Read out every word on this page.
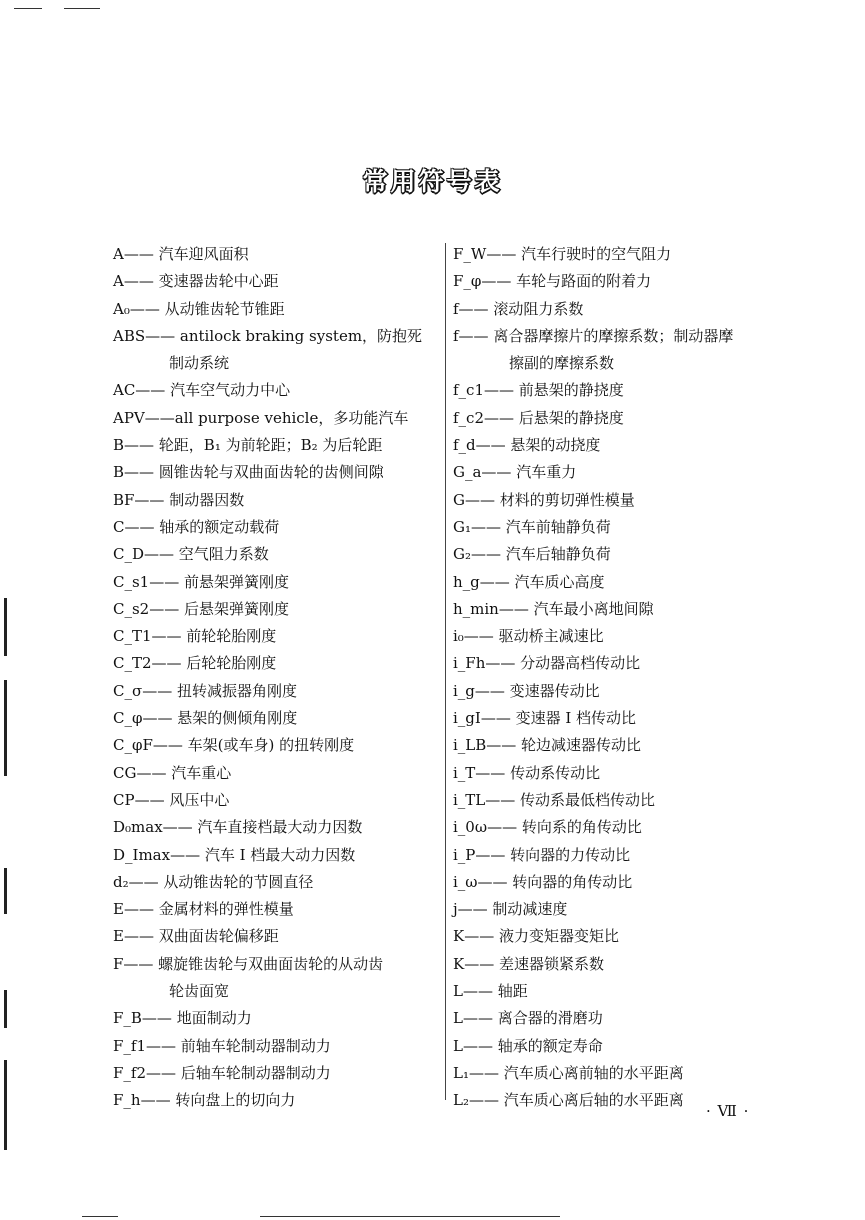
常用符号表
A—— 汽车迎风面积
A—— 变速器齿轮中心距
A₀—— 从动锥齿轮节锥距
ABS—— antilock braking system，防抱死
制动系统
AC—— 汽车空气动力中心
APV——all purpose vehicle，多功能汽车
B—— 轮距，B₁ 为前轮距；B₂ 为后轮距
B—— 圆锥齿轮与双曲面齿轮的齿侧间隙
BF—— 制动器因数
C—— 轴承的额定动载荷
C_D—— 空气阻力系数
C_s1—— 前悬架弹簧刚度
C_s2—— 后悬架弹簧刚度
C_T1—— 前轮轮胎刚度
C_T2—— 后轮轮胎刚度
C_σ—— 扭转减振器角刚度
C_φ—— 悬架的侧倾角刚度
C_φF—— 车架(或车身) 的扭转刚度
CG—— 汽车重心
CP—— 风压中心
D₀max—— 汽车直接档最大动力因数
D_Imax—— 汽车 Ⅰ 档最大动力因数
d₂—— 从动锥齿轮的节圆直径
E—— 金属材料的弹性模量
E—— 双曲面齿轮偏移距
F—— 螺旋锥齿轮与双曲面齿轮的从动齿
轮齿面宽
F_B—— 地面制动力
F_f1—— 前轴车轮制动器制动力
F_f2—— 后轴车轮制动器制动力
F_h—— 转向盘上的切向力
F_W—— 汽车行驶时的空气阻力
F_φ—— 车轮与路面的附着力
f—— 滚动阻力系数
f—— 离合器摩擦片的摩擦系数；制动器摩
擦副的摩擦系数
f_c1—— 前悬架的静挠度
f_c2—— 后悬架的静挠度
f_d—— 悬架的动挠度
G_a—— 汽车重力
G—— 材料的剪切弹性模量
G₁—— 汽车前轴静负荷
G₂—— 汽车后轴静负荷
h_g—— 汽车质心高度
h_min—— 汽车最小离地间隙
i₀—— 驱动桥主减速比
i_Fh—— 分动器高档传动比
i_g—— 变速器传动比
i_gⅠ—— 变速器 Ⅰ 档传动比
i_LB—— 轮边减速器传动比
i_T—— 传动系传动比
i_TL—— 传动系最低档传动比
i_0ω—— 转向系的角传动比
i_P—— 转向器的力传动比
i_ω—— 转向器的角传动比
j—— 制动减速度
K—— 液力变矩器变矩比
K—— 差速器锁紧系数
L—— 轴距
L—— 离合器的滑磨功
L—— 轴承的额定寿命
L₁—— 汽车质心离前轴的水平距离
L₂—— 汽车质心离后轴的水平距离
· Ⅶ ·
